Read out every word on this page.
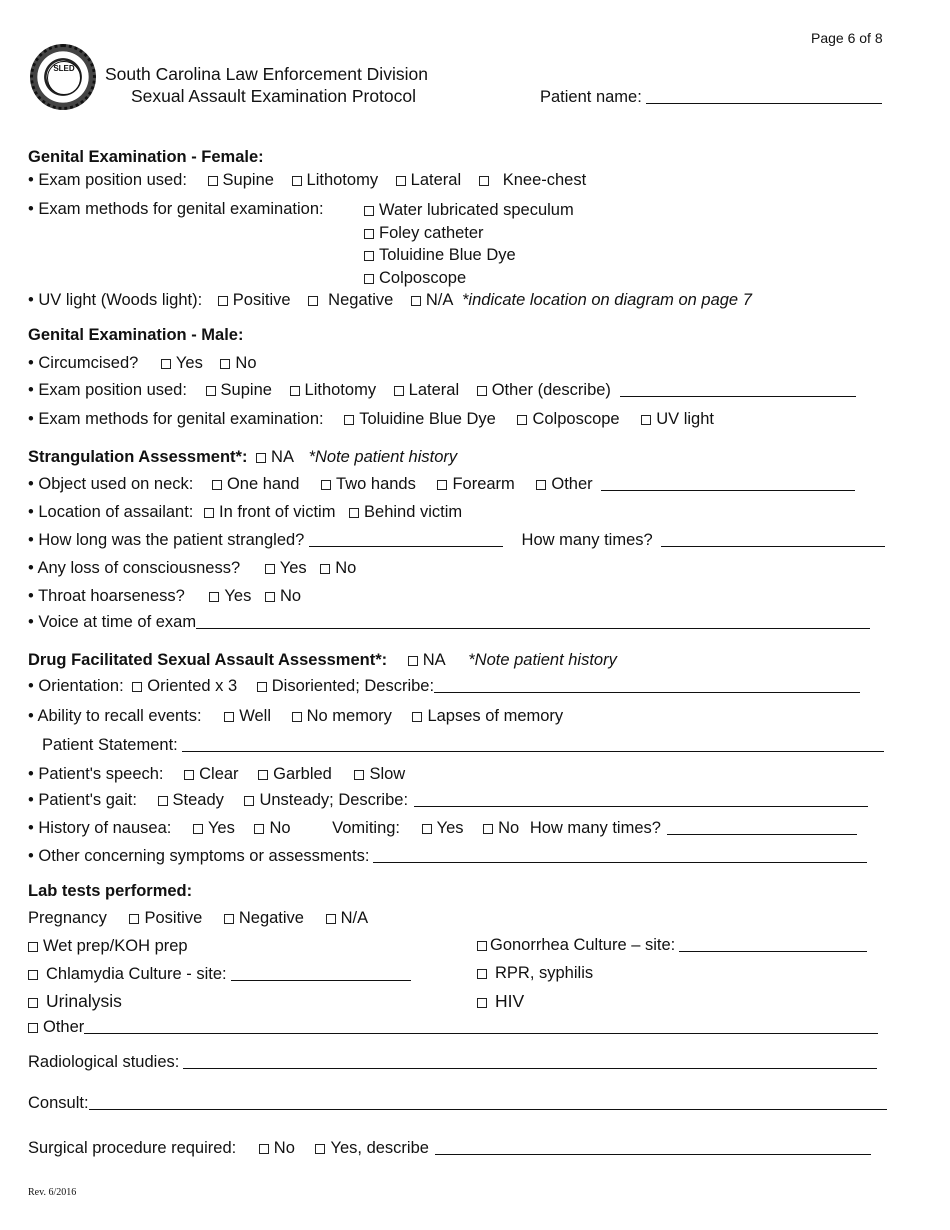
Page 6 of 8
SLED	South Carolina Law Enforcement Division
Sexual Assault Examination Protocol	Patient name:
Genital Examination - Female:
• Exam position used: Supine Lithotomy Lateral	Knee-chest
• Exam methods for genital examination:	Water lubricated speculum
Foley catheter
Toluidine Blue Dye
Colposcope
• UV light (Woods light): Positive Negative N/A *indicate location on diagram on page 7
Genital Examination - Male:
• Circumcised? Yes No
• Exam position used: Supine Lithotomy Lateral Other (describe)
• Exam methods for genital examination: Toluidine Blue Dye Colposcope UV light
Strangulation Assessment*: NA *Note patient history
• Object used on neck: One hand Two hands Forearm Other
• Location of assailant: In front of victim Behind victim
• How long was the patient strangled?	How many times?
• Any loss of consciousness? Yes No
• Throat hoarseness? Yes No
• Voice at time of exam
Drug Facilitated Sexual Assault Assessment*: NA *Note patient history
• Orientation: Oriented x 3 Disoriented; Describe:
• Ability to recall events: Well No memory Lapses of memory
Patient Statement:
• Patient's speech: Clear Garbled Slow
• Patient's gait: Steady Unsteady; Describe:
• History of nausea: Yes No	Vomiting: Yes No How many times?
• Other concerning symptoms or assessments:
Lab tests performed:
Pregnancy Positive Negative N/A
Wet prep/KOH prep	Gonorrhea Culture – site:
Chlamydia Culture - site:	RPR, syphilis
Urinalysis	HIV
Other
Radiological studies:
Consult:
Surgical procedure required: No Yes, describe
Rev. 6/2016
